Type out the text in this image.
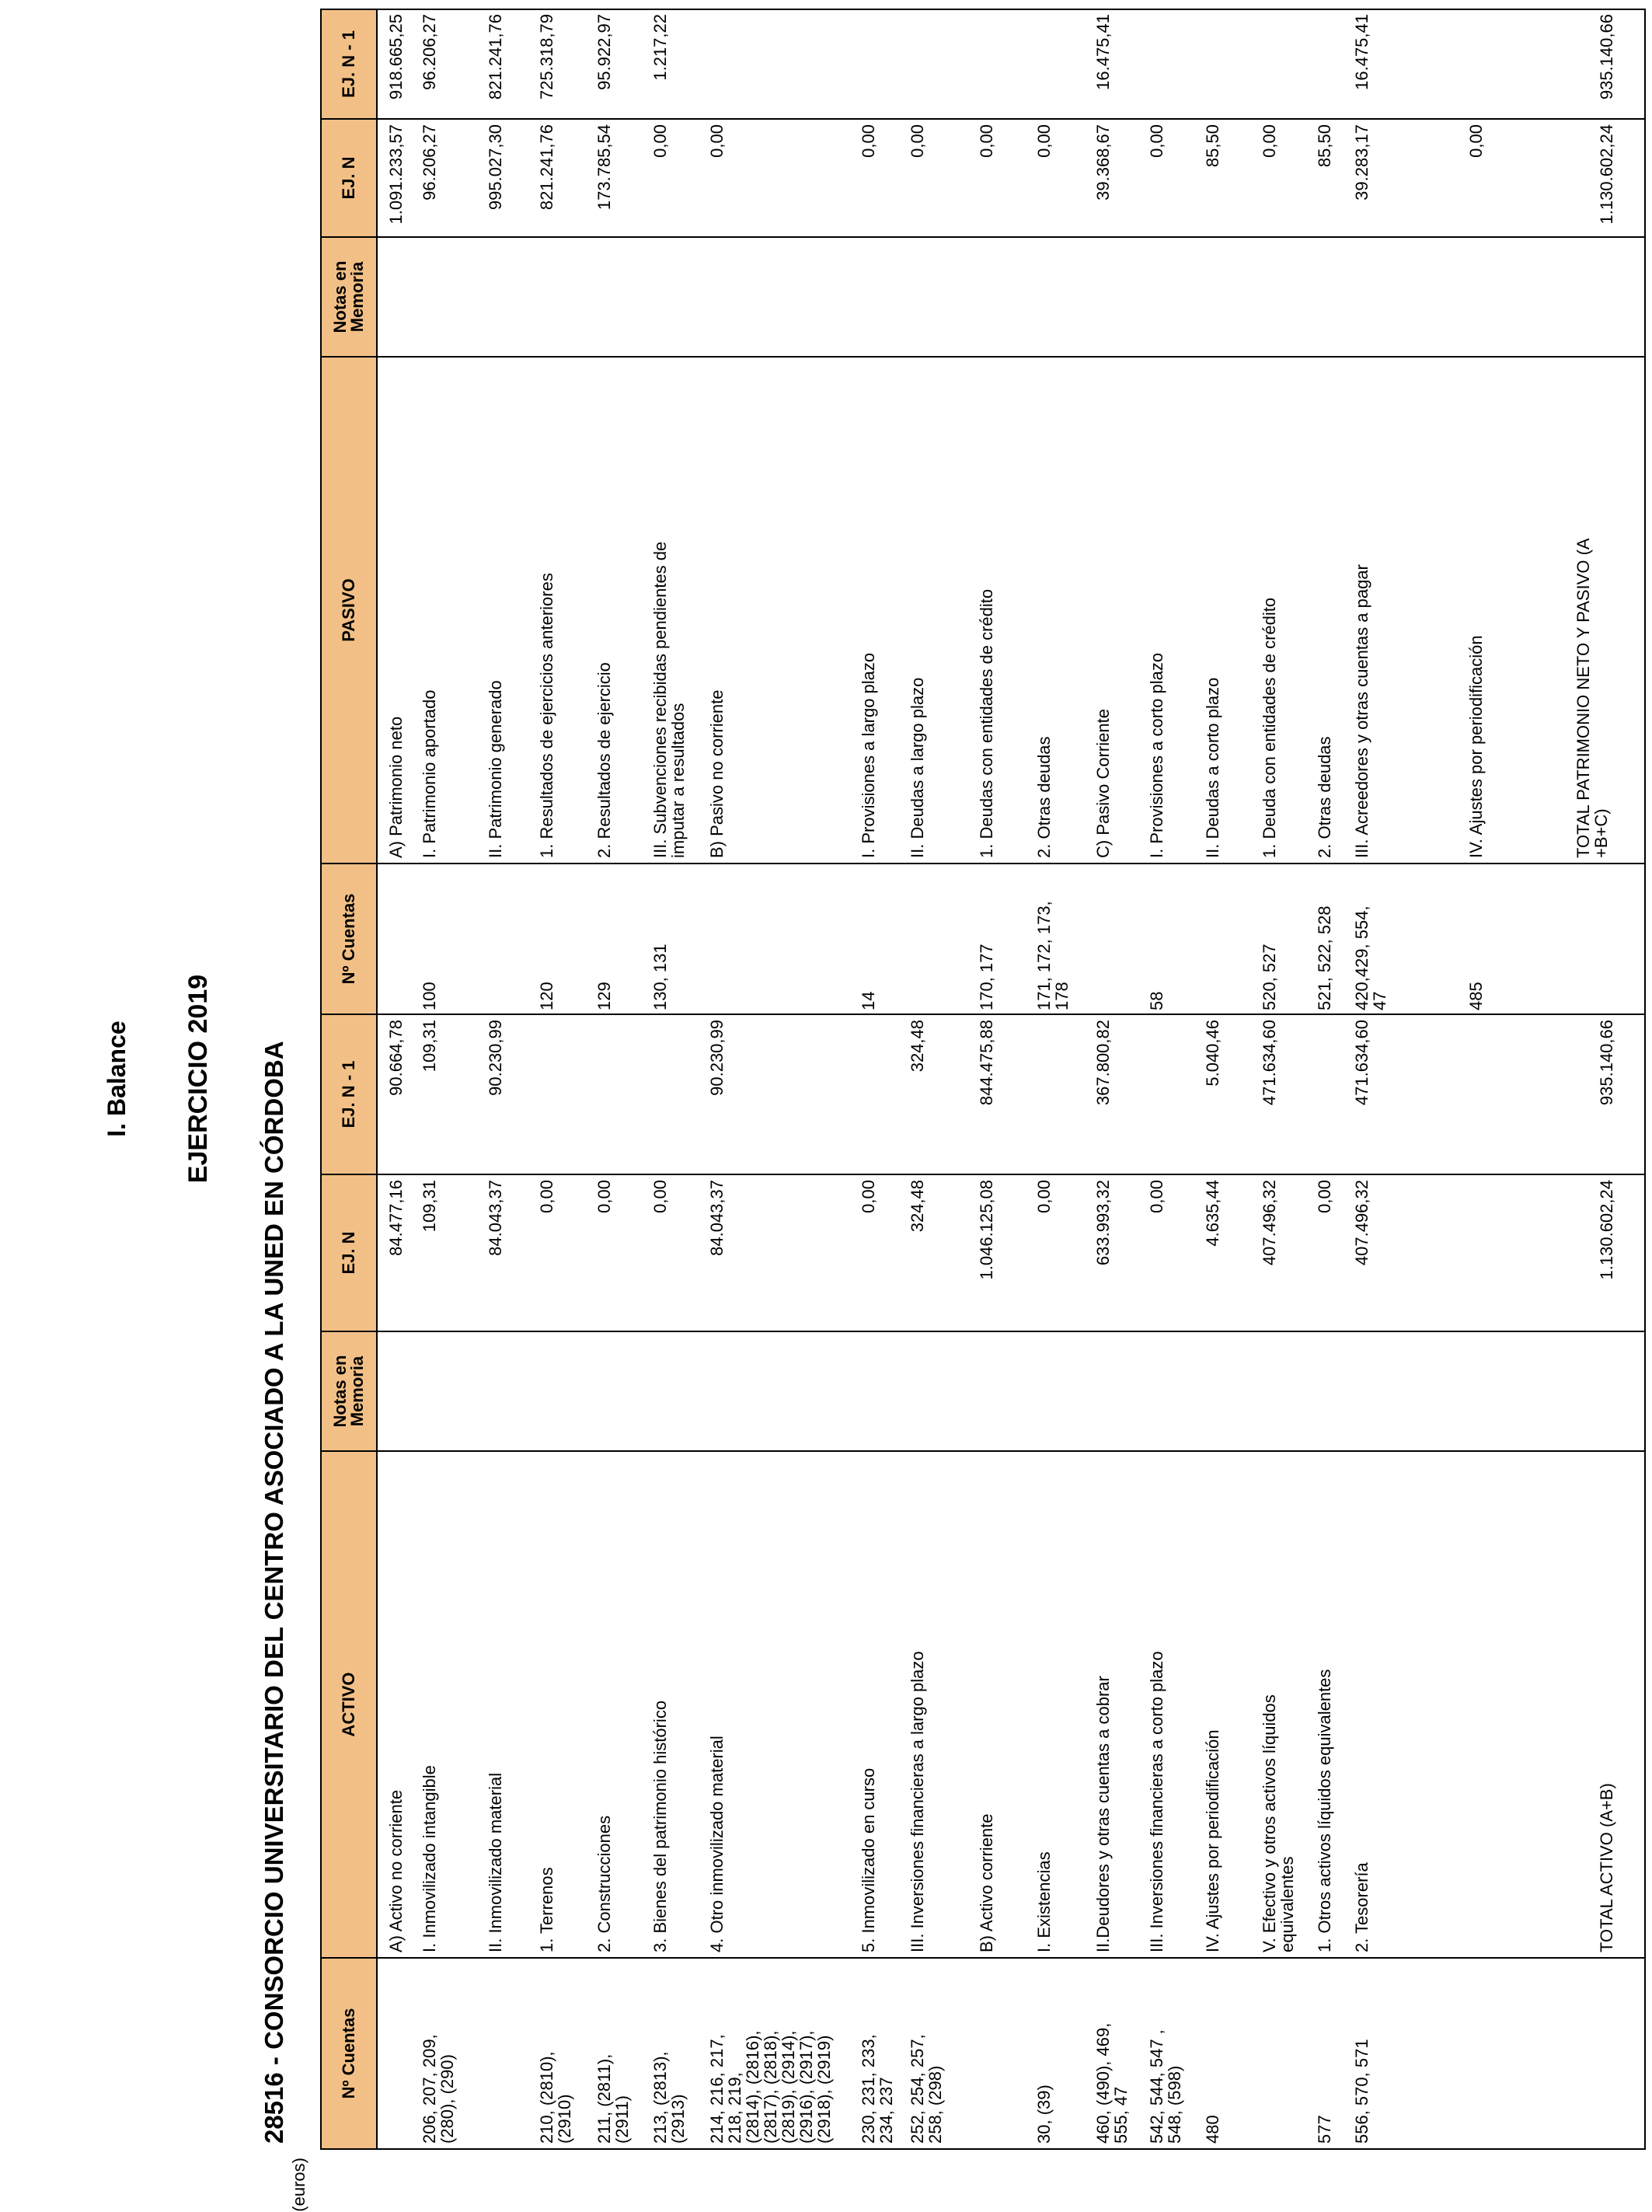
I. Balance EJERCICIO 2019 28516 - CONSORCIO UNIVERSITARIO DEL CENTRO ASOCIADO A LA UNED EN CÓRDOBA
(euros)
Nº Cuentas
ACTIVO
Notas en
Memoria
EJ. N
EJ. N - 1
Nº Cuentas
PASIVO
Notas en
Memoria
EJ. N
EJ. N - 1
A) Activo no corriente
84.477,16
90.664,78
206, 207, 209,
(280), (290)
I. Inmovilizado intangible
109,31
109,31
II. Inmovilizado material
84.043,37
90.230,99
210, (2810),
(2910)
1. Terrenos
0,00
211, (2811),
(2911)
2. Construcciones
0,00
213, (2813),
(2913)
3. Bienes del patrimonio histórico
0,00
214, 216, 217,
218, 219,
(2814), (2816),
(2817), (2818),
(2819), (2914),
(2916), (2917),
(2918), (2919)
4. Otro inmovilizado material
84.043,37
90.230,99
230, 231, 233,
234, 237
5. Inmovilizado en curso
0,00
252, 254, 257,
258, (298)
III. Inversiones financieras a largo plazo
324,48
324,48
B) Activo corriente
1.046.125,08
844.475,88
30, (39)
I. Existencias
0,00
460, (490), 469,
555, 47
II.Deudores y otras cuentas a cobrar
633.993,32
367.800,82
542, 544, 547 ,
548, (598)
III. Inversiones financieras a corto plazo
0,00
480
IV. Ajustes por periodificación
4.635,44
5.040,46
V. Efectivo y otros activos líquidos
equivalentes
407.496,32
471.634,60
577
1. Otros activos líquidos equivalentes
0,00
556, 570, 571
2. Tesorería
407.496,32
471.634,60
TOTAL ACTIVO (A+B)
1.130.602,24
935.140,66
A) Patrimonio neto
1.091.233,57
918.665,25
100
I. Patrimonio aportado
96.206,27
96.206,27
II. Patrimonio generado
995.027,30
821.241,76
120
1. Resultados de ejercicios anteriores
821.241,76
725.318,79
129
2. Resultados de ejercicio
173.785,54
95.922,97
130, 131
III. Subvenciones recibidas pendientes de
imputar a resultados
0,00
1.217,22
B) Pasivo no corriente
0,00
14
I. Provisiones a largo plazo
0,00
II. Deudas a largo plazo
0,00
170, 177
1. Deudas con entidades de crédito
0,00
171, 172, 173,
178
2. Otras deudas
0,00
C) Pasivo Corriente
39.368,67
16.475,41
58
I. Provisiones a corto plazo
0,00
II. Deudas a corto plazo
85,50
520, 527
1. Deuda con entidades de crédito
0,00
521, 522, 528
2. Otras deudas
85,50
420,429, 554,
47
III. Acreedores y otras cuentas a pagar
39.283,17
16.475,41
485
IV. Ajustes por periodificación
0,00
TOTAL PATRIMONIO NETO Y PASIVO (A
+B+C)
1.130.602,24
935.140,66
